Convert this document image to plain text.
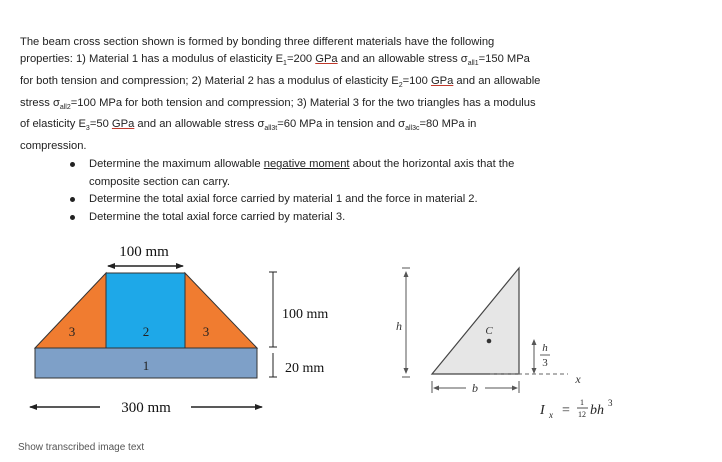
The beam cross section shown is formed by bonding three different materials have the following

properties: 1) Material 1 has a modulus of elasticity $E_1=200$ GPa and an allowable stress $\sigma_{all1}=150$ MPa

for both tension and compression; 2) Material 2 has a modulus of elasticity $E_2=100$ GPa and an allowable

stress $\sigma_{all2}=100$ MPa for both tension and compression; 3) Material 3 for the two triangles has a modulus

of elasticity $E_3=50$ GPa and an allowable stress $\sigma_{all3t}=60$ MPa in tension and $\sigma_{all3c}=80$ MPa in

compression.

Determine the maximum allowable negative moment about the horizontal axis that the
composite section can carry.
Determine the total axial force carried by material 1 and the force in material 2.
Determine the total axial force carried by material 3.
3	2	3
1
100 mm
300 mm
100 mm
20 mm
h	C
x
h
3
b
I x =
1
12 bh 3
Show transcribed image text
